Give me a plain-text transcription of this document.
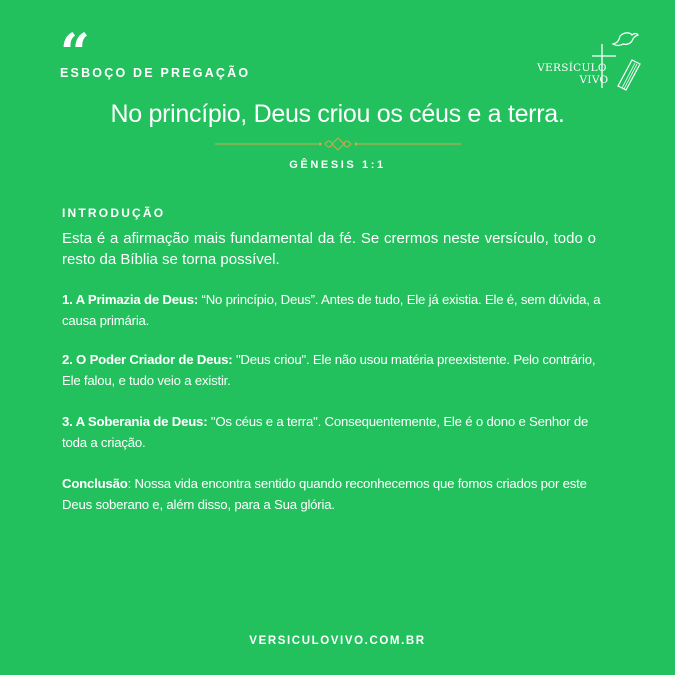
“
ESBOÇO DE PREGAÇÃO	VERSÍCULO
VIVO
No princípio, Deus criou os céus e a terra.
GÊNESIS 1:1
INTRODUÇÃO
Esta é a afirmação mais fundamental da fé. Se crermos neste versículo, todo o resto da Bíblia se torna possível.
1. A Primazia de Deus: “No princípio, Deus”. Antes de tudo, Ele já existia. Ele é, sem dúvida, a causa primária.
2. O Poder Criador de Deus: "Deus criou". Ele não usou matéria preexistente. Pelo contrário, Ele falou, e tudo veio a existir.
3. A Soberania de Deus: "Os céus e a terra". Consequentemente, Ele é o dono e Senhor de toda a criação.
Conclusão: Nossa vida encontra sentido quando reconhecemos que fomos criados por este Deus soberano e, além disso, para a Sua glória.
VERSICULOVIVO.COM.BR
